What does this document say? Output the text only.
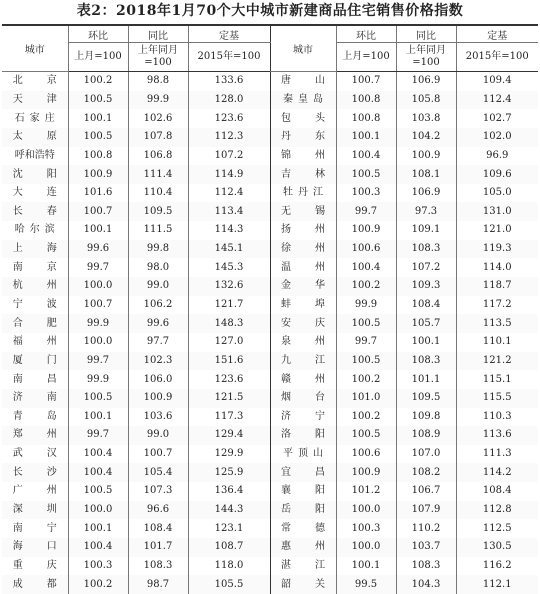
表2：2018年1月70个大中城市新建商品住宅销售价格指数
城市	环比	同比	定基	城市	环比	同比	定基
	上月=100	上年同月=100	2015年=100		上月=100	上年同月=100	2015年=100
北京	100.2	98.8	133.6	唐山	100.7	106.9	109.4
天津	100.5	99.9	128.0	秦皇岛	100.8	105.8	112.4
石家庄	100.1	102.6	123.6	包头	100.8	103.8	102.7
太原	100.5	107.8	112.3	丹东	100.1	104.2	102.0
呼和浩特	100.8	106.8	107.2	锦州	100.4	100.9	96.9
沈阳	100.9	111.4	114.9	吉林	100.5	108.1	109.6
大连	101.6	110.4	112.4	牡丹江	100.3	106.9	105.0
长春	100.7	109.5	113.4	无锡	99.7	97.3	131.0
哈尔滨	100.1	111.5	114.3	扬州	100.9	109.1	121.0
上海	99.6	99.8	145.1	徐州	100.6	108.3	119.3
南京	99.7	98.0	145.3	温州	100.4	107.2	114.0
杭州	100.0	99.0	132.6	金华	100.2	109.3	118.7
宁波	100.7	106.2	121.7	蚌埠	99.9	108.4	117.2
合肥	99.9	99.6	148.3	安庆	100.5	105.7	113.5
福州	100.0	97.7	127.0	泉州	99.7	100.1	110.1
厦门	99.7	102.3	151.6	九江	100.5	108.3	121.2
南昌	99.9	106.0	123.6	赣州	100.2	101.1	115.1
济南	100.5	100.9	121.5	烟台	101.0	109.5	115.5
青岛	100.1	103.6	117.3	济宁	100.2	109.8	110.3
郑州	99.7	99.0	129.4	洛阳	100.5	108.9	113.6
武汉	100.4	100.7	129.9	平顶山	100.6	107.0	111.3
长沙	100.4	105.4	125.9	宜昌	100.9	108.2	114.2
广州	100.5	107.3	136.4	襄阳	101.2	106.7	108.4
深圳	100.0	96.6	144.3	岳阳	100.0	107.9	112.8
南宁	100.1	108.4	123.1	常德	100.3	110.2	112.5
海口	100.4	101.7	108.7	惠州	100.0	103.7	130.5
重庆	100.3	108.3	118.0	湛江	100.1	108.3	116.2
成都	100.2	98.7	105.5	韶关	99.5	104.3	112.1
